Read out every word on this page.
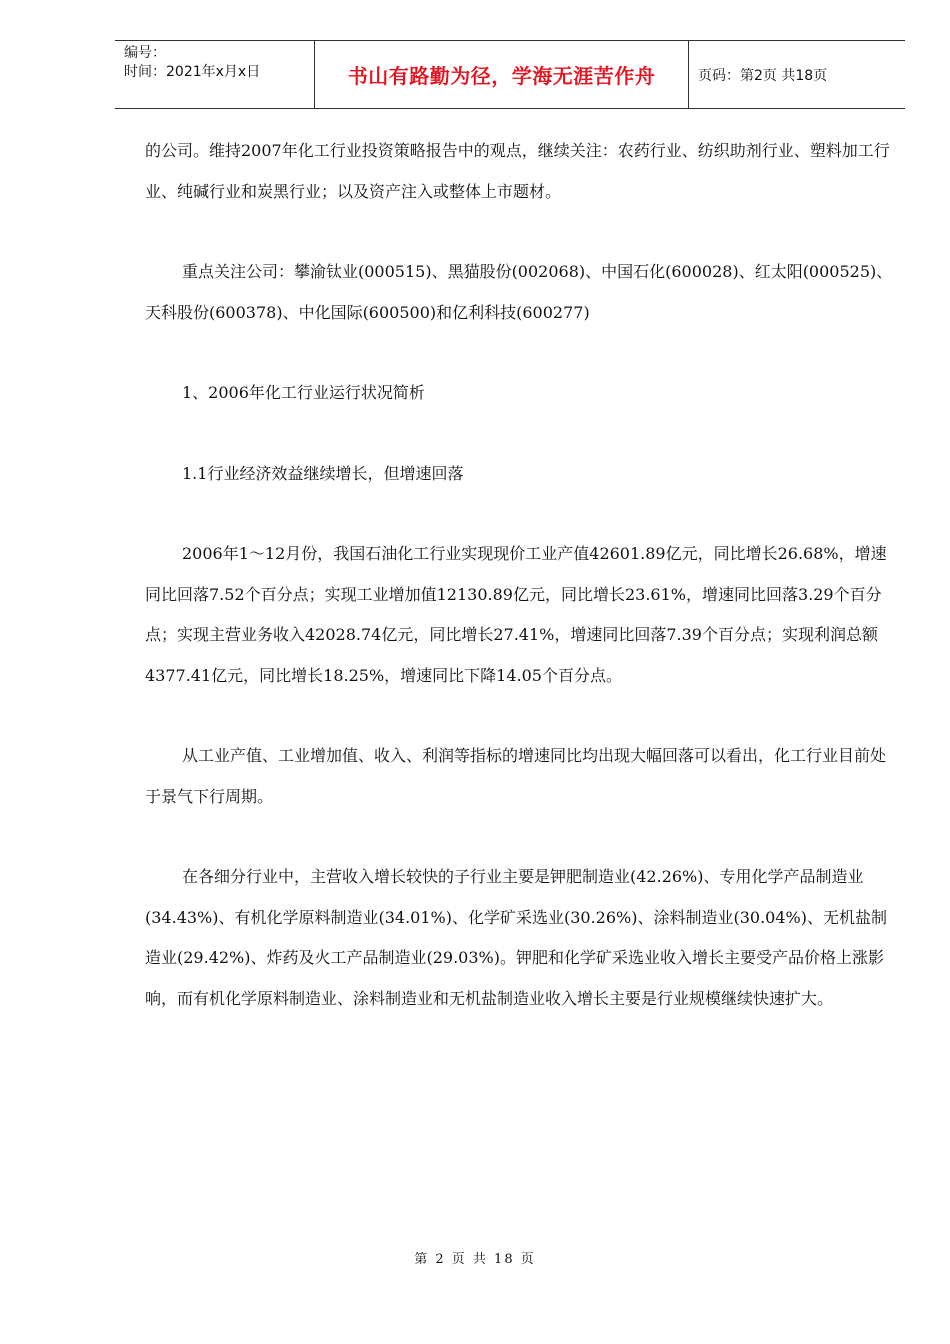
编号：
时间：2021年x月x日	书山有路勤为径，学海无涯苦作舟	页码：第2页 共18页

的公司。维持2007年化工行业投资策略报告中的观点，继续关注：农药行业、纺织助剂行业、塑料加工行业、纯碱行业和炭黑行业；以及资产注入或整体上市题材。

重点关注公司：攀渝钛业(000515)、黑猫股份(002068)、中国石化(600028)、红太阳(000525)、天科股份(600378)、中化国际(600500)和亿利科技(600277)

1、2006年化工行业运行状况简析

1.1行业经济效益继续增长，但增速回落

2006年1～12月份，我国石油化工行业实现现价工业产值42601.89亿元，同比增长26.68%，增速同比回落7.52个百分点；实现工业增加值12130.89亿元，同比增长23.61%，增速同比回落3.29个百分点；实现主营业务收入42028.74亿元，同比增长27.41%，增速同比回落7.39个百分点；实现利润总额4377.41亿元，同比增长18.25%，增速同比下降14.05个百分点。

从工业产值、工业增加值、收入、利润等指标的增速同比均出现大幅回落可以看出，化工行业目前处于景气下行周期。

在各细分行业中，主营收入增长较快的子行业主要是钾肥制造业(42.26%)、专用化学产品制造业(34.43%)、有机化学原料制造业(34.01%)、化学矿采选业(30.26%)、涂料制造业(30.04%)、无机盐制造业(29.42%)、炸药及火工产品制造业(29.03%)。钾肥和化学矿采选业收入增长主要受产品价格上涨影响，而有机化学原料制造业、涂料制造业和无机盐制造业收入增长主要是行业规模继续快速扩大。

第 2 页 共 18 页
